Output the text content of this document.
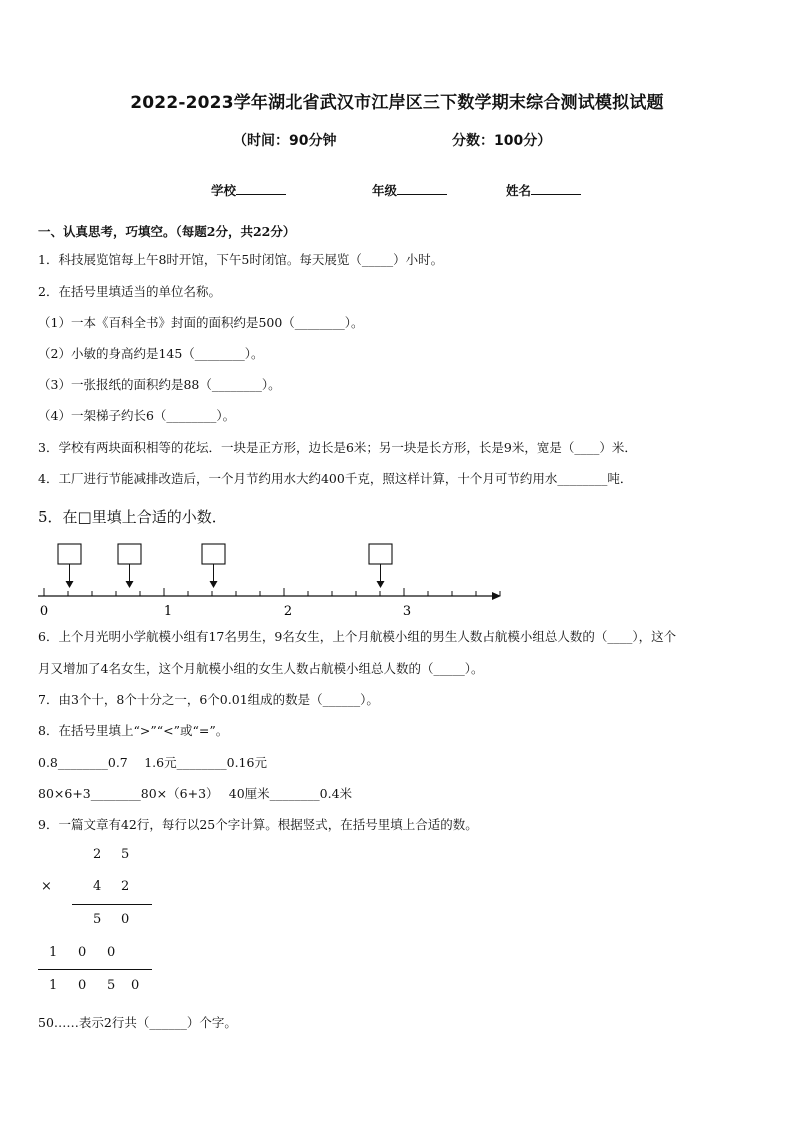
2022-2023学年湖北省武汉市江岸区三下数学期末综合测试模拟试题
（时间：90分钟	分数：100分）
学校	年级	姓名
一、认真思考，巧填空。（每题2分，共22分）
1．科技展览馆每上午8时开馆，下午5时闭馆。每天展览（_____）小时。
2．在括号里填适当的单位名称。
（1）一本《百科全书》封面的面积约是500（________）。
（2）小敏的身高约是145（________）。
（3）一张报纸的面积约是88（________）。
（4）一架梯子约长6（________）。
3．学校有两块面积相等的花坛．一块是正方形，边长是6米；另一块是长方形，长是9米，宽是（____）米．
4．工厂进行节能减排改造后，一个月节约用水大约400千克，照这样计算，十个月可节约用水________吨．
5．在□里填上合适的小数．
0	1	2	3
6．上个月光明小学航模小组有17名男生，9名女生，上个月航模小组的男生人数占航模小组总人数的（____），这个
月又增加了4名女生，这个月航模小组的女生人数占航模小组总人数的（_____）。
7．由3个十，8个十分之一，6个0.01组成的数是（______）。
8．在括号里填上“>”“<”或“=”。
0.8________0.7　 1.6元________0.16元
80×6+3________80×（6+3）　 40厘米________0.4米
9．一篇文章有42行，每行以25个字计算。根据竖式，在括号里填上合适的数。
2 5
×	4 2
5 0
1 0 0
1 0 5 0
50……表示2行共（______）个字。
